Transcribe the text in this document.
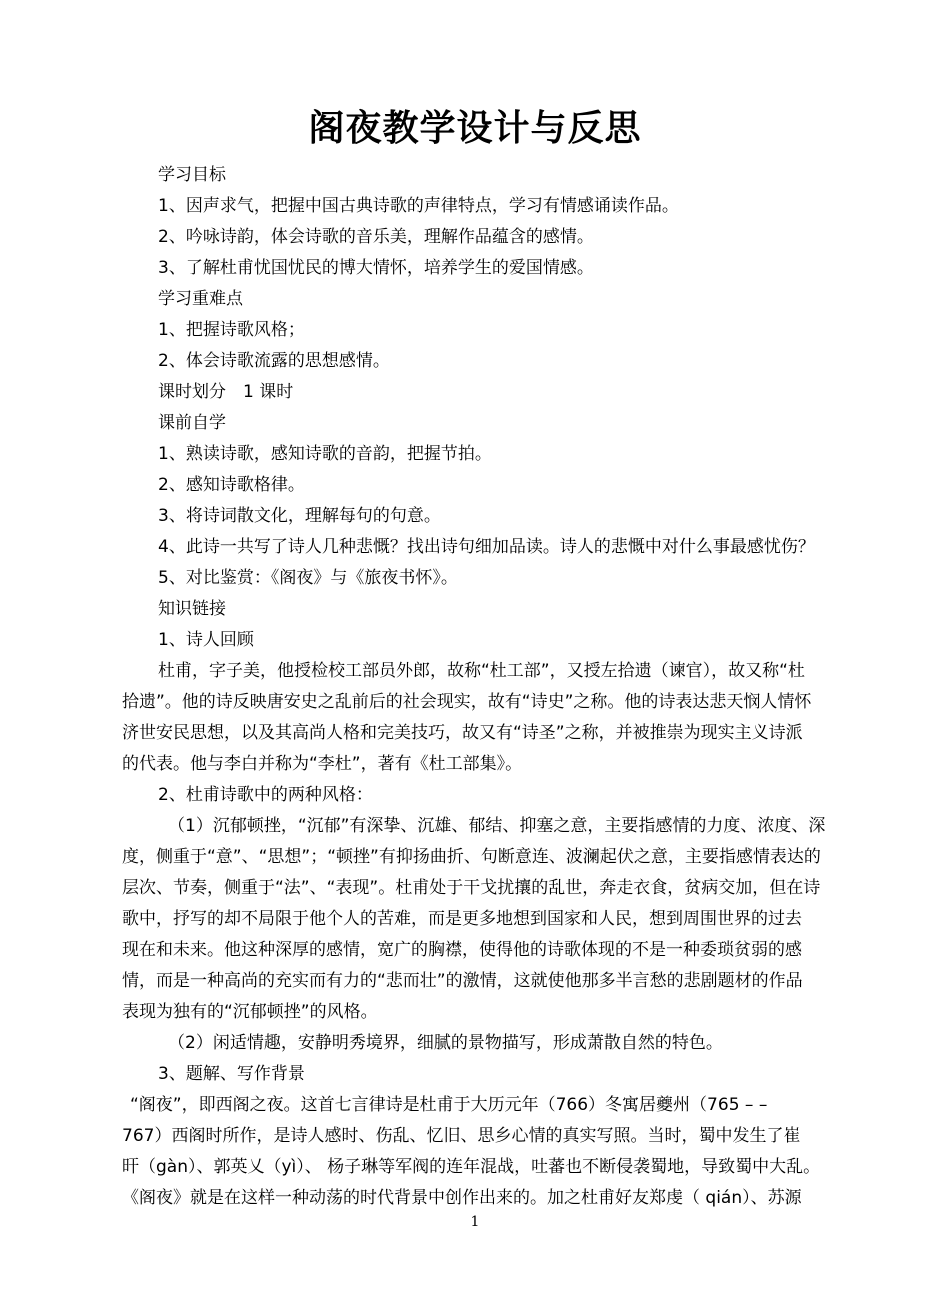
阁夜教学设计与反思
学习目标
1、因声求气，把握中国古典诗歌的声律特点，学习有情感诵读作品。
2、吟咏诗韵，体会诗歌的音乐美，理解作品蕴含的感情。
3、了解杜甫忧国忧民的博大情怀，培养学生的爱国情感。
学习重难点
1、把握诗歌风格；
2、体会诗歌流露的思想感情。
课时划分　1 课时
课前自学
1、熟读诗歌，感知诗歌的音韵，把握节拍。
2、感知诗歌格律。
3、将诗词散文化，理解每句的句意。
4、此诗一共写了诗人几种悲慨？找出诗句细加品读。诗人的悲慨中对什么事最感忧伤？
5、对比鉴赏：《阁夜》与《旅夜书怀》。
知识链接
1、诗人回顾
杜甫，字子美，他授检校工部员外郎，故称“杜工部”，又授左拾遗（谏官），故又称“杜
拾遗”。他的诗反映唐安史之乱前后的社会现实，故有“诗史”之称。他的诗表达悲天悯人情怀
济世安民思想，以及其高尚人格和完美技巧，故又有“诗圣”之称，并被推崇为现实主义诗派
的代表。他与李白并称为“李杜”，著有《杜工部集》。
2、杜甫诗歌中的两种风格：
（1）沉郁顿挫，“沉郁”有深挚、沉雄、郁结、抑塞之意，主要指感情的力度、浓度、深
度，侧重于“意”、“思想”；“顿挫”有抑扬曲折、句断意连、波澜起伏之意，主要指感情表达的
层次、节奏，侧重于“法”、“表现”。杜甫处于干戈扰攘的乱世，奔走衣食，贫病交加，但在诗
歌中，抒写的却不局限于他个人的苦难，而是更多地想到国家和人民，想到周围世界的过去
现在和未来。他这种深厚的感情，宽广的胸襟，使得他的诗歌体现的不是一种委琐贫弱的感
情，而是一种高尚的充实而有力的“悲而壮”的激情，这就使他那多半言愁的悲剧题材的作品
表现为独有的“沉郁顿挫”的风格。
（2）闲适情趣，安静明秀境界，细腻的景物描写，形成萧散自然的特色。
3、题解、写作背景
“阁夜”，即西阁之夜。这首七言律诗是杜甫于大历元年（766）冬寓居夔州（765 – –
767）西阁时所作，是诗人感时、伤乱、忆旧、思乡心情的真实写照。当时，蜀中发生了崔
旰（gàn）、郭英乂（yì）、 杨子琳等军阀的连年混战，吐蕃也不断侵袭蜀地，导致蜀中大乱。
《阁夜》就是在这样一种动荡的时代背景中创作出来的。加之杜甫好友郑虔（ qián）、苏源
1
